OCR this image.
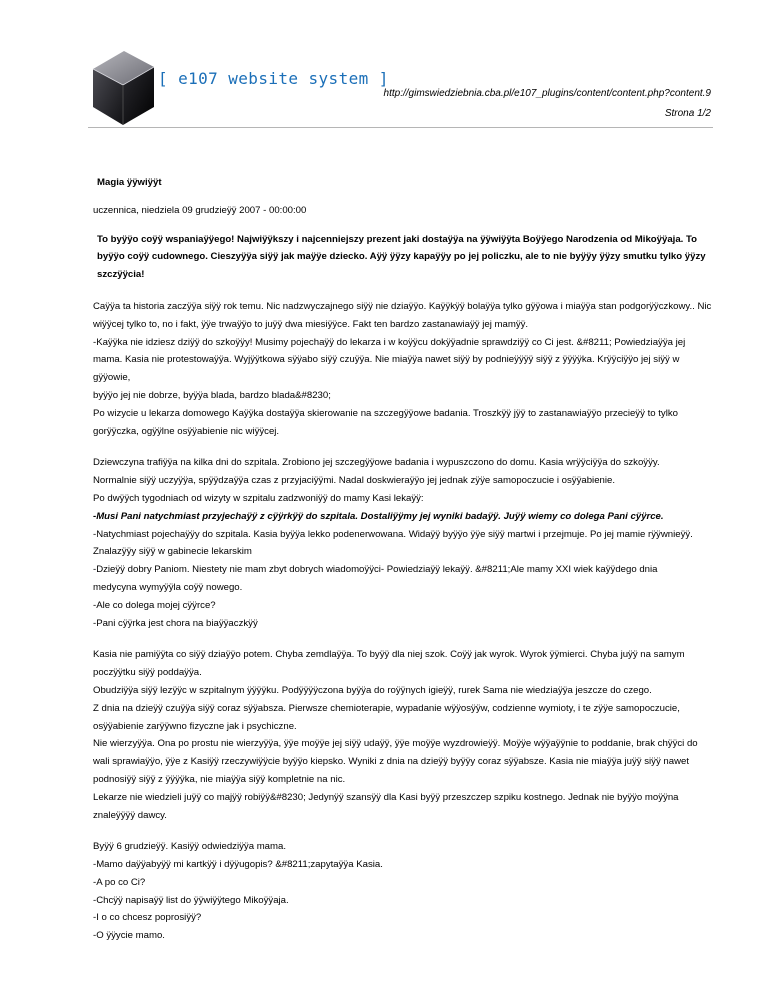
[ e107 website system ]
http://gimswiedziebnia.cba.pl/e107_plugins/content/content.php?content.9
Strona 1/2
Magia ÿÿwiÿÿt
uczennica, niedziela 09 grudzieÿÿ 2007 - 00:00:00
To byÿÿo coÿÿ wspaniaÿÿego! Najwiÿÿkszy i najcenniejszy prezent jaki dostaÿÿa na ÿÿwiÿÿta Boÿÿego Narodzenia od Mikoÿÿaja. To
byÿÿo coÿÿ cudownego. Cieszyÿÿa siÿÿ jak maÿÿe dziecko. Aÿÿ ÿÿzy kapaÿÿy po jej policzku, ale to nie byÿÿy ÿÿzy smutku tylko ÿÿzy
szczÿÿcia!
Caÿÿa ta historia zaczÿÿa siÿÿ rok temu. Nic nadzwyczajnego siÿÿ nie dziaÿÿo. Kaÿÿkÿÿ bolaÿÿa tylko gÿÿowa i miaÿÿa stan podgorÿÿczkowy.. Nic
wiÿÿcej tylko to, no i fakt, ÿÿe trwaÿÿo to juÿÿ dwa miesiÿÿce. Fakt ten bardzo zastanawiaÿÿ jej mamÿÿ.
-Kaÿÿka nie idziesz dziÿÿ do szkoÿÿy! Musimy pojechaÿÿ do lekarza i w koÿÿcu dokÿÿadnie sprawdziÿÿ co Ci jest. &#8211; Powiedziaÿÿa jej
mama. Kasia nie protestowaÿÿa. Wyjÿÿtkowa sÿÿabo siÿÿ czuÿÿa. Nie miaÿÿa nawet siÿÿ by podnieÿÿÿÿ siÿÿ z ÿÿÿÿka. Krÿÿciÿÿo jej siÿÿ w gÿÿowie,
byÿÿo jej nie dobrze, byÿÿa blada, bardzo blada&#8230;
Po wizycie u lekarza domowego Kaÿÿka dostaÿÿa skierowanie na szczegÿÿowe badania. Troszkÿÿ jÿÿ to zastanawiaÿÿo przecieÿÿ to tylko
gorÿÿczka, ogÿÿlne osÿÿabienie nic wiÿÿcej.
Dziewczyna trafiÿÿa na kilka dni do szpitala. Zrobiono jej szczegÿÿowe badania i wypuszczono do domu. Kasia wrÿÿciÿÿa do szkoÿÿy.
Normalnie siÿÿ uczyÿÿa, spÿÿdzaÿÿa czas z przyjaciÿÿmi. Nadal doskwieraÿÿo jej jednak zÿÿe samopoczucie i osÿÿabienie.
Po dwÿÿch tygodniach od wizyty w szpitalu zadzwoniÿÿ do mamy Kasi lekaÿÿ:
-Musi Pani natychmiast przyjechaÿÿ z cÿÿrkÿÿ do szpitala. Dostaliÿÿmy jej wyniki badaÿÿ. Juÿÿ wiemy co dolega Pani cÿÿrce.
-Natychmiast pojechaÿÿy do szpitala. Kasia byÿÿa lekko podenerwowana. Widaÿÿ byÿÿo ÿÿe siÿÿ martwi i przejmuje. Po jej mamie rÿÿwnieÿÿ.
Znalazÿÿy siÿÿ w gabinecie lekarskim
-Dzieÿÿ dobry Paniom. Niestety nie mam zbyt dobrych wiadomoÿÿci- Powiedziaÿÿ lekaÿÿ. &#8211;Ale mamy XXI wiek kaÿÿdego dnia
medycyna wymyÿÿla coÿÿ nowego.
-Ale co dolega mojej cÿÿrce?
-Pani cÿÿrka jest chora na biaÿÿaczkÿÿ
Kasia nie pamiÿÿta co siÿÿ dziaÿÿo potem. Chyba zemdlaÿÿa. To byÿÿ dla niej szok. Coÿÿ jak wyrok. Wyrok ÿÿmierci. Chyba juÿÿ na samym
poczÿÿtku siÿÿ poddaÿÿa.
Obudziÿÿa siÿÿ lezÿÿc w szpitalnym ÿÿÿÿku. Podÿÿÿÿczona byÿÿa do roÿÿnych igieÿÿ, rurek Sama nie wiedziaÿÿa jeszcze do czego.
Z dnia na dzieÿÿ czuÿÿa siÿÿ coraz sÿÿabsza. Pierwsze chemioterapie, wypadanie wÿÿosÿÿw, codzienne wymioty, i te zÿÿe samopoczucie,
osÿÿabienie zarÿÿwno fizyczne jak i psychiczne.
Nie wierzyÿÿa. Ona po prostu nie wierzyÿÿa, ÿÿe moÿÿe jej siÿÿ udaÿÿ, ÿÿe moÿÿe wyzdrowieÿÿ. Moÿÿe wÿÿaÿÿnie to poddanie, brak chÿÿci do
wali sprawiaÿÿo, ÿÿe z Kasiÿÿ rzeczywiÿÿcie byÿÿo kiepsko. Wyniki z dnia na dzieÿÿ byÿÿy coraz sÿÿabsze. Kasia nie miaÿÿa juÿÿ siÿÿ nawet
podnosiÿÿ siÿÿ z ÿÿÿÿka, nie miaÿÿa siÿÿ kompletnie na nic.
Lekarze nie wiedzieli juÿÿ co majÿÿ robiÿÿ&#8230; Jedynÿÿ szansÿÿ dla Kasi byÿÿ przeszczep szpiku kostnego. Jednak nie byÿÿo moÿÿna
znaleÿÿÿÿ dawcy.
Byÿÿ 6 grudzieÿÿ. Kasiÿÿ odwiedziÿÿa mama.
-Mamo daÿÿabyÿÿ mi kartkÿÿ i dÿÿugopis? &#8211;zapytaÿÿa Kasia.
-A po co Ci?
-Chcÿÿ napisaÿÿ list do ÿÿwiÿÿtego Mikoÿÿaja.
-I o co chcesz poprosiÿÿ?
-O ÿÿycie mamo.
